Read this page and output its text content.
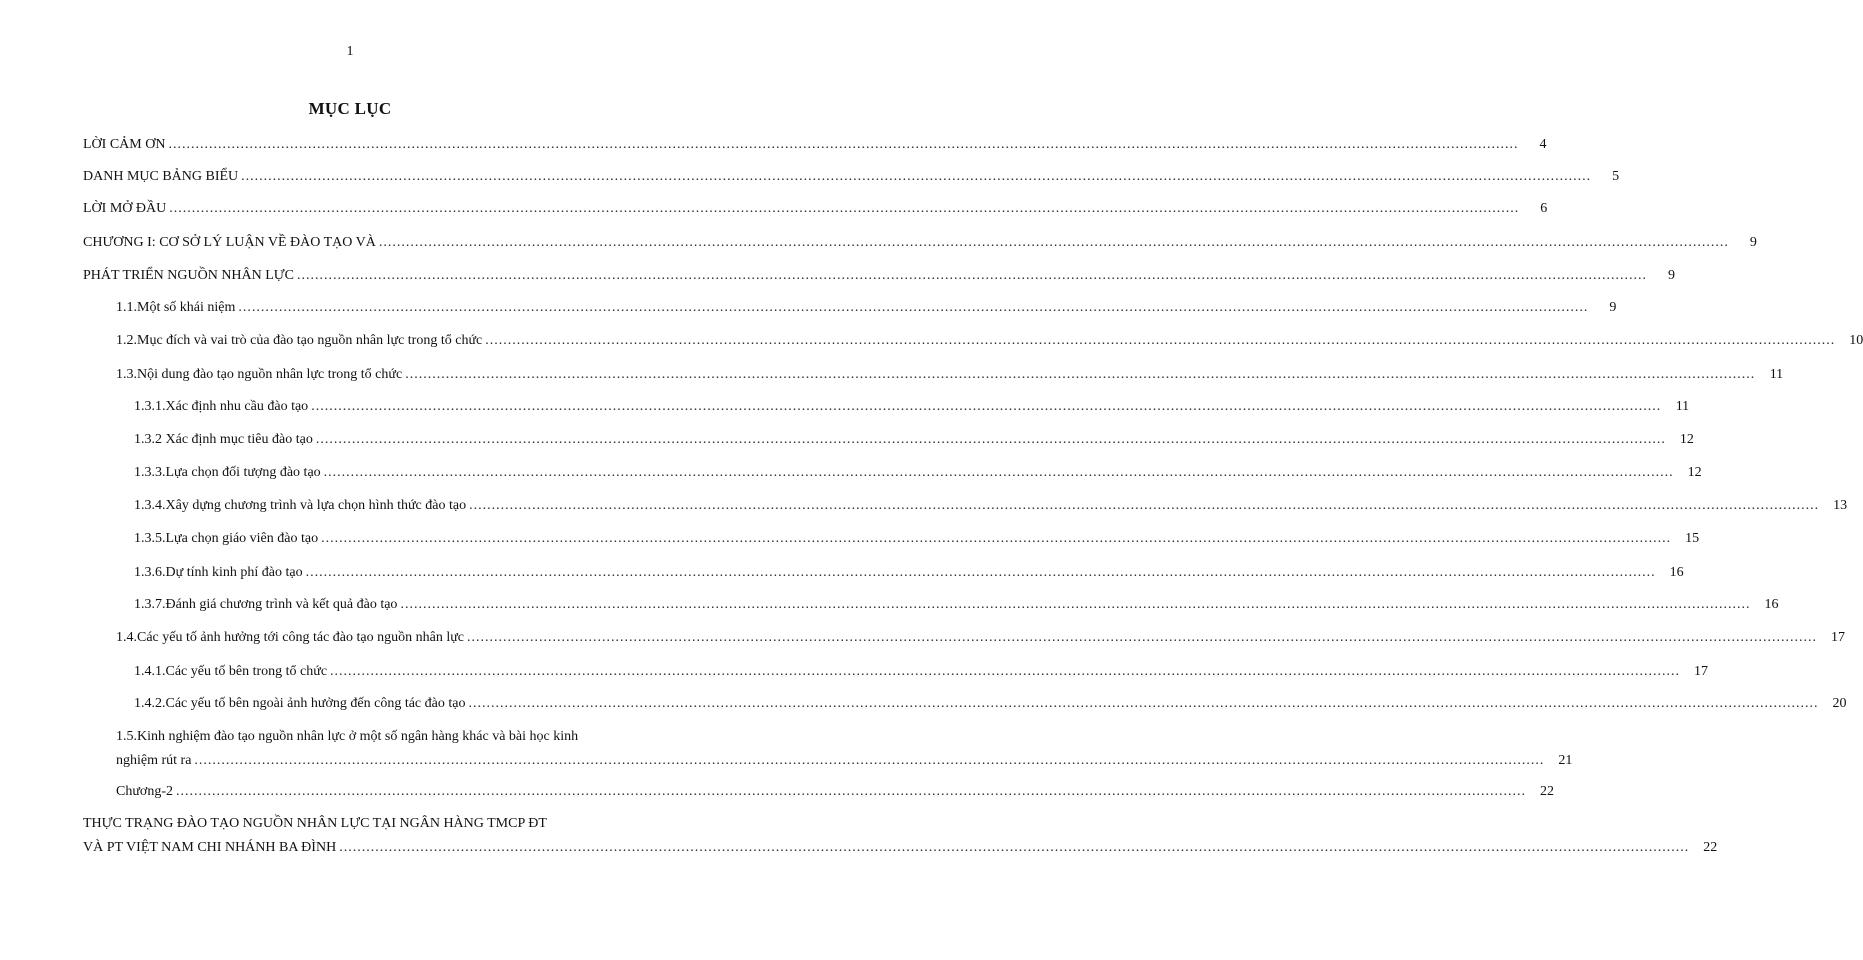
1
MỤC LỤC
LỜI CẢM ƠN ............................................................................................................................................................................................................................................................................................................	4
DANH MỤC BẢNG BIỂU ............................................................................................................................................................................................................................................................................................................	5
LỜI MỞ ĐẦU ............................................................................................................................................................................................................................................................................................................	6
CHƯƠNG I: CƠ SỞ LÝ LUẬN VỀ ĐÀO TẠO VÀ ............................................................................................................................................................................................................................................................................................................	9
PHÁT TRIỂN NGUỒN NHÂN LỰC ............................................................................................................................................................................................................................................................................................................	9
1.1.Một số khái niệm ............................................................................................................................................................................................................................................................................................................	9
1.2.Mục đích và vai trò của đào tạo nguồn nhân lực trong tổ chức ............................................................................................................................................................................................................................................................................................................	10
1.3.Nội dung đào tạo nguồn nhân lực trong tổ chức ............................................................................................................................................................................................................................................................................................................	11
1.3.1.Xác định nhu cầu đào tạo ............................................................................................................................................................................................................................................................................................................	11
1.3.2 Xác định mục tiêu đào tạo ............................................................................................................................................................................................................................................................................................................	12
1.3.3.Lựa chọn đối tượng đào tạo ............................................................................................................................................................................................................................................................................................................	12
1.3.4.Xây dựng chương trình và lựa chọn hình thức đào tạo ............................................................................................................................................................................................................................................................................................................	13
1.3.5.Lựa chọn giáo viên đào tạo ............................................................................................................................................................................................................................................................................................................	15
1.3.6.Dự tính kinh phí đào tạo ............................................................................................................................................................................................................................................................................................................	16
1.3.7.Đánh giá chương trình và kết quả đào tạo ............................................................................................................................................................................................................................................................................................................	16
1.4.Các yếu tố ảnh hưởng tới công tác đào tạo nguồn nhân lực ............................................................................................................................................................................................................................................................................................................	17
1.4.1.Các yếu tố bên trong tổ chức ............................................................................................................................................................................................................................................................................................................	17
1.4.2.Các yếu tố bên ngoài ảnh hưởng đến công tác đào tạo ............................................................................................................................................................................................................................................................................................................	20
1.5.Kinh nghiệm đào tạo nguồn nhân lực ở một số ngân hàng khác và bài học kinh
nghiệm rút ra ............................................................................................................................................................................................................................................................................................................	21
Chương-2 ............................................................................................................................................................................................................................................................................................................	22
THỰC TRẠNG ĐÀO TẠO NGUỒN NHÂN LỰC TẠI NGÂN HÀNG TMCP ĐT
VÀ PT VIỆT NAM CHI NHÁNH BA ĐÌNH ............................................................................................................................................................................................................................................................................................................	22
